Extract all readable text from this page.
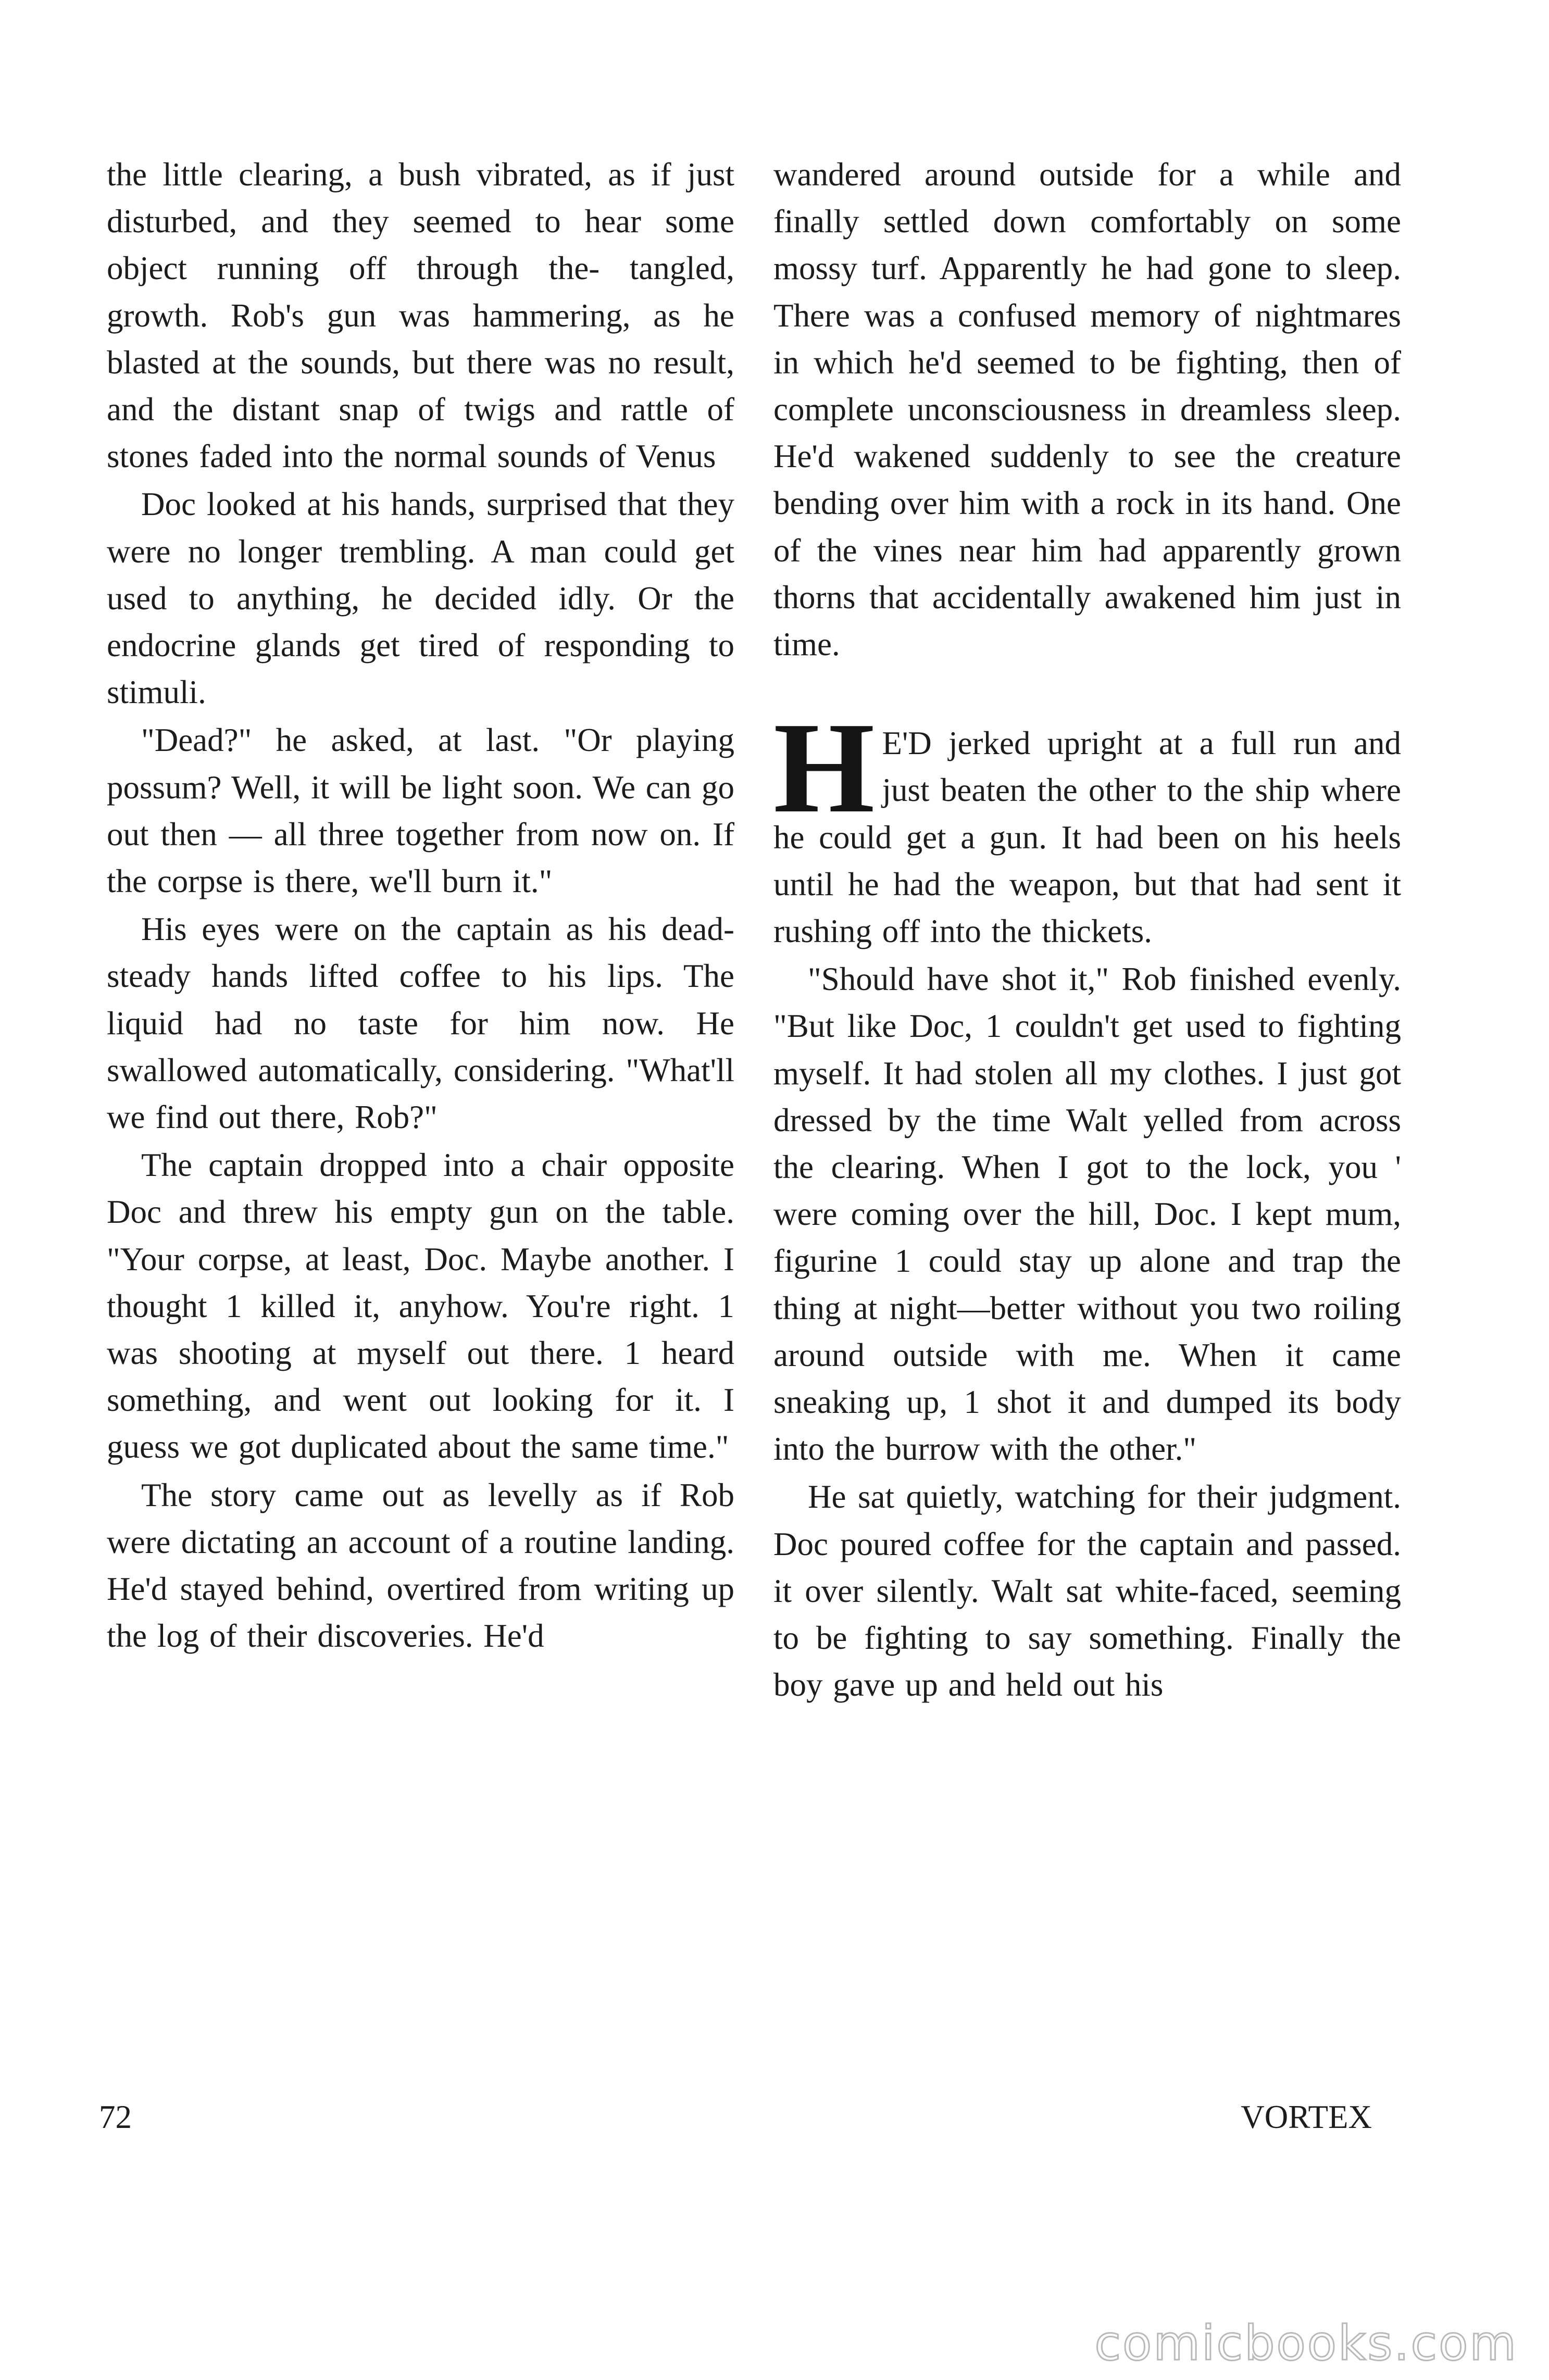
the little clearing, a bush vibrated, as if just disturbed, and they seemed to hear some object running off through the- tangled, growth. Rob's gun was hammering, as he blasted at the sounds, but there was no result, and the distant snap of twigs and rattle of stones faded into the normal sounds of Venus

Doc looked at his hands, surprised that they were no longer trembling. A man could get used to anything, he decided idly. Or the endocrine glands get tired of responding to stimuli.

"Dead?" he asked, at last. "Or playing possum? Well, it will be light soon. We can go out then — all three together from now on. If the corpse is there, we'll burn it."

His eyes were on the captain as his dead-steady hands lifted coffee to his lips. The liquid had no taste for him now. He swallowed automatically, considering. "What'll we find out there, Rob?"

The captain dropped into a chair opposite Doc and threw his empty gun on the table. "Your corpse, at least, Doc. Maybe another. I thought 1 killed it, anyhow. You're right. 1 was shooting at myself out there. 1 heard something, and went out looking for it. I guess we got duplicated about the same time."

The story came out as levelly as if Rob were dictating an account of a routine landing. He'd stayed behind, overtired from writing up the log of their discoveries. He'd

wandered around outside for a while and finally settled down comfortably on some mossy turf. Apparently he had gone to sleep. There was a confused memory of nightmares in which he'd seemed to be fighting, then of complete unconsciousness in dreamless sleep. He'd wakened suddenly to see the creature bending over him with a rock in its hand. One of the vines near him had apparently grown thorns that accidentally awakened him just in time.

H E'D jerked upright at a full run and just beaten the other to the ship where he could get a gun. It had been on his heels until he had the weapon, but that had sent it rushing off into the thickets.

"Should have shot it," Rob finished evenly. "But like Doc, 1 couldn't get used to fighting myself. It had stolen all my clothes. I just got dressed by the time Walt yelled from across the clearing. When I got to the lock, you ' were coming over the hill, Doc. I kept mum, figurine 1 could stay up alone and trap the thing at night—better without you two roiling around outside with me. When it came sneaking up, 1 shot it and dumped its body into the burrow with the other."

He sat quietly, watching for their judgment. Doc poured coffee for the captain and passed. it over silently. Walt sat white-faced, seeming to be fighting to say something. Finally the boy gave up and held out his

72	VORTEX
comicbooks.com
